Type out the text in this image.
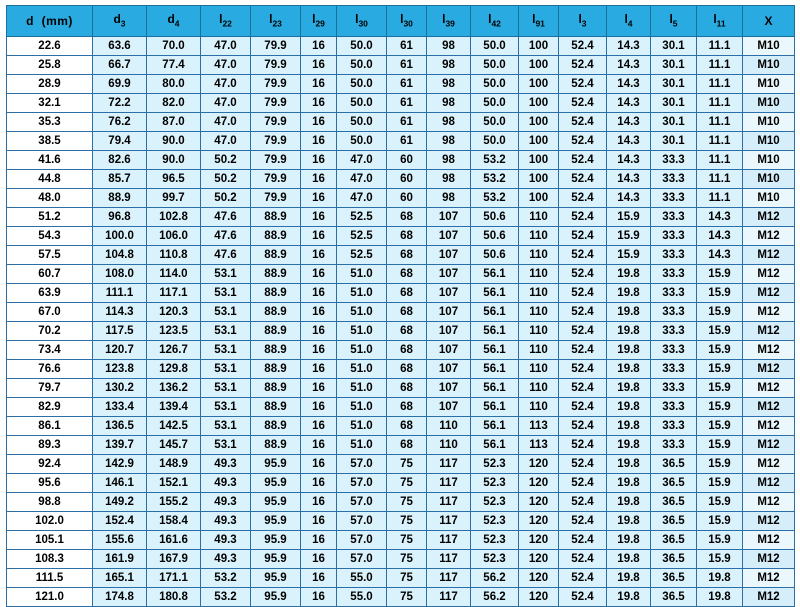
d  (mm)	$d_3$	$d_4$	$l_{22}$	$l_{23}$	$l_{29}$	$l_{30}$	$l_{30}$	$l_{39}$	$l_{42}$	$l_{91}$	$l_3$	$l_4$	$l_5$	$l_{11}$	X
22.6	63.6	70.0	47.0	79.9	16	50.0	61	98	50.0	100	52.4	14.3	30.1	11.1	M10
25.8	66.7	77.4	47.0	79.9	16	50.0	61	98	50.0	100	52.4	14.3	30.1	11.1	M10
28.9	69.9	80.0	47.0	79.9	16	50.0	61	98	50.0	100	52.4	14.3	30.1	11.1	M10
32.1	72.2	82.0	47.0	79.9	16	50.0	61	98	50.0	100	52.4	14.3	30.1	11.1	M10
35.3	76.2	87.0	47.0	79.9	16	50.0	61	98	50.0	100	52.4	14.3	30.1	11.1	M10
38.5	79.4	90.0	47.0	79.9	16	50.0	61	98	50.0	100	52.4	14.3	30.1	11.1	M10
41.6	82.6	90.0	50.2	79.9	16	47.0	60	98	53.2	100	52.4	14.3	33.3	11.1	M10
44.8	85.7	96.5	50.2	79.9	16	47.0	60	98	53.2	100	52.4	14.3	33.3	11.1	M10
48.0	88.9	99.7	50.2	79.9	16	47.0	60	98	53.2	100	52.4	14.3	33.3	11.1	M10
51.2	96.8	102.8	47.6	88.9	16	52.5	68	107	50.6	110	52.4	15.9	33.3	14.3	M12
54.3	100.0	106.0	47.6	88.9	16	52.5	68	107	50.6	110	52.4	15.9	33.3	14.3	M12
57.5	104.8	110.8	47.6	88.9	16	52.5	68	107	50.6	110	52.4	15.9	33.3	14.3	M12
60.7	108.0	114.0	53.1	88.9	16	51.0	68	107	56.1	110	52.4	19.8	33.3	15.9	M12
63.9	111.1	117.1	53.1	88.9	16	51.0	68	107	56.1	110	52.4	19.8	33.3	15.9	M12
67.0	114.3	120.3	53.1	88.9	16	51.0	68	107	56.1	110	52.4	19.8	33.3	15.9	M12
70.2	117.5	123.5	53.1	88.9	16	51.0	68	107	56.1	110	52.4	19.8	33.3	15.9	M12
73.4	120.7	126.7	53.1	88.9	16	51.0	68	107	56.1	110	52.4	19.8	33.3	15.9	M12
76.6	123.8	129.8	53.1	88.9	16	51.0	68	107	56.1	110	52.4	19.8	33.3	15.9	M12
79.7	130.2	136.2	53.1	88.9	16	51.0	68	107	56.1	110	52.4	19.8	33.3	15.9	M12
82.9	133.4	139.4	53.1	88.9	16	51.0	68	107	56.1	110	52.4	19.8	33.3	15.9	M12
86.1	136.5	142.5	53.1	88.9	16	51.0	68	110	56.1	113	52.4	19.8	33.3	15.9	M12
89.3	139.7	145.7	53.1	88.9	16	51.0	68	110	56.1	113	52.4	19.8	33.3	15.9	M12
92.4	142.9	148.9	49.3	95.9	16	57.0	75	117	52.3	120	52.4	19.8	36.5	15.9	M12
95.6	146.1	152.1	49.3	95.9	16	57.0	75	117	52.3	120	52.4	19.8	36.5	15.9	M12
98.8	149.2	155.2	49.3	95.9	16	57.0	75	117	52.3	120	52.4	19.8	36.5	15.9	M12
102.0	152.4	158.4	49.3	95.9	16	57.0	75	117	52.3	120	52.4	19.8	36.5	15.9	M12
105.1	155.6	161.6	49.3	95.9	16	57.0	75	117	52.3	120	52.4	19.8	36.5	15.9	M12
108.3	161.9	167.9	49.3	95.9	16	57.0	75	117	52.3	120	52.4	19.8	36.5	15.9	M12
111.5	165.1	171.1	53.2	95.9	16	55.0	75	117	56.2	120	52.4	19.8	36.5	19.8	M12
121.0	174.8	180.8	53.2	95.9	16	55.0	75	117	56.2	120	52.4	19.8	36.5	19.8	M12
